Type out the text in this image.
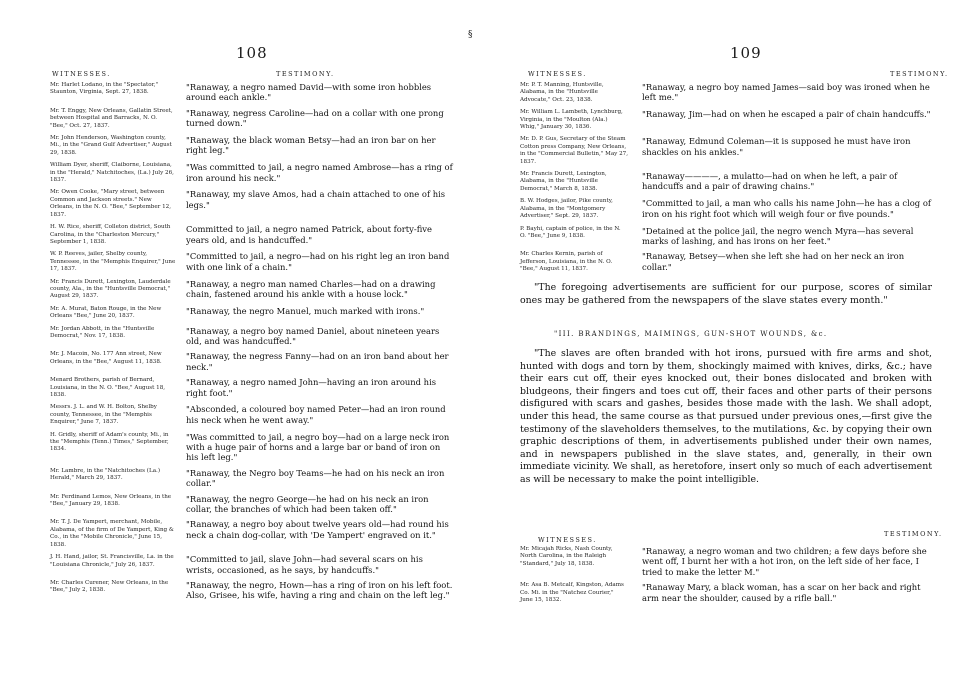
§
108
WITNESSES.	TESTIMONY.
Mr. Harlet Lodano, in the "Spectator," Staunton, Virginia, Sept. 27, 1838.
"Ranaway, a negro named David—with some iron hobbles around each ankle."
Mr. T. Enggy, New Orleans, Gallatin Street, between Hospital and Barracks, N. O. "Bee," Oct. 27, 1837.
"Ranaway, negress Caroline—had on a collar with one prong turned down."
Mr. John Henderson, Washington county, Mi., in the "Grand Gulf Advertiser," August 29, 1838.
"Ranaway, the black woman Betsy—had an iron bar on her right leg."
William Dyer, sheriff, Claiborne, Louisiana, in the "Herald," Natchitoches, (La.) July 26, 1837.
"Was committed to jail, a negro named Ambrose—has a ring of iron around his neck."
Mr. Owen Cooke, "Mary street, between Common and Jackson streets." New Orleans, in the N. O. "Bee," September 12, 1837.
"Ranaway, my slave Amos, had a chain attached to one of his legs."
H. W. Rice, sheriff, Colleton district, South Carolina, in the "Charleston Mercury," September 1, 1838.
Committed to jail, a negro named Patrick, about forty-five years old, and is handcuffed."
W. P. Reeves, jailer, Shelby county, Tennessee, in the "Memphis Enquirer," June 17, 1837.
"Committed to jail, a negro—had on his right leg an iron band with one link of a chain."
Mr. Francis Durett, Lexington, Lauderdale county, Ala., in the "Huntsville Democrat," August 29, 1837.
"Ranaway, a negro man named Charles—had on a drawing chain, fastened around his ankle with a house lock."
Mr. A. Murat, Baton Rouge, in the New Orleans "Bee," June 20, 1837.
"Ranaway, the negro Manuel, much marked with irons."
Mr. Jordan Abbott, in the "Huntsville Democrat," Nov. 17, 1838.
"Ranaway, a negro boy named Daniel, about nineteen years old, and was handcuffed."
Mr. J. Macoin, No. 177 Ann street, New Orleans, in the "Bee," August 11, 1838.
"Ranaway, the negress Fanny—had on an iron band about her neck."
Menard Brothers, parish of Bernard, Louisiana, in the N. O. "Bee," August 18, 1838.
"Ranaway, a negro named John—having an iron around his right foot."
Messrs. J. L. and W. H. Bolton, Shelby county, Tennessee, in the "Memphis Enquirer," June 7, 1837.
"Absconded, a coloured boy named Peter—had an iron round his neck when he went away."
H. Gridly, sheriff of Adam's county, Mi., in the "Memphis (Tenn.) Times," September, 1834.
"Was committed to jail, a negro boy—had on a large neck iron with a huge pair of horns and a large bar or band of iron on his left leg."
Mr. Lambre, in the "Natchitoches (La.) Herald," March 29, 1837.
"Ranaway, the Negro boy Teams—he had on his neck an iron collar."
Mr. Ferdinand Lemos, New Orleans, in the "Bee," January 29, 1838.
"Ranaway, the negro George—he had on his neck an iron collar, the branches of which had been taken off."
Mr. T. J. De Yampert, merchant, Mobile, Alabama, of the firm of De Yampert, King & Co., in the "Mobile Chronicle," June 15, 1838.
"Ranaway, a negro boy about twelve years old—had round his neck a chain dog-collar, with 'De Yampert' engraved on it."
J. H. Hand, jailor, St. Francisville, La. in the "Louisiana Chronicle," July 26, 1837.
"Committed to jail, slave John—had several scars on his wrists, occasioned, as he says, by handcuffs."
Mr. Charles Curener, New Orleans, in the "Bee," July 2, 1838.
"Ranaway, the negro, Hown—has a ring of iron on his left foot. Also, Grisee, his wife, having a ring and chain on the left leg."
109
WITNESSES.	TESTIMONY.
Mr. P. T. Manning, Huntsville, Alabama, in the "Huntsville Advocate," Oct. 23, 1838.
"Ranaway, a negro boy named James—said boy was ironed when he left me."
Mr. William L. Lambeth, Lynchburg, Virginia, in the "Moulton (Ala.) Whig," January 30, 1836.
"Ranaway, Jim—had on when he escaped a pair of chain handcuffs."
Mr. D. P. Gus, Secretary of the Steam Cotton press Company, New Orleans, in the "Commercial Bulletin," May 27, 1837.
"Ranaway, Edmund Coleman—it is supposed he must have iron shackles on his ankles."
Mr. Francis Durett, Lexington, Alabama, in the "Huntsville Democrat," March 8, 1838.
"Ranaway————, a mulatto—had on when he left, a pair of handcuffs and a pair of drawing chains."
B. W. Hodges, jailor, Pike county, Alabama, in the "Montgomery Advertiser," Sept. 29, 1837.
"Committed to jail, a man who calls his name John—he has a clog of iron on his right foot which will weigh four or five pounds."
P. Bayhi, captain of police, in the N. O. "Bee," June 9, 1838.
"Detained at the police jail, the negro wench Myra—has several marks of lashing, and has irons on her feet."
Mr. Charles Kernin, parish of Jefferson, Louisiana, in the N. O. "Bee," August 11, 1837.
"Ranaway, Betsey—when she left she had on her neck an iron collar."
"The foregoing advertisements are sufficient for our purpose, scores of similar ones may be gathered from the newspapers of the slave states every month."
"III. BRANDINGS, MAIMINGS, GUN-SHOT WOUNDS, &c.
"The slaves are often branded with hot irons, pursued with fire arms and shot, hunted with dogs and torn by them, shockingly maimed with knives, dirks, &c.; have their ears cut off, their eyes knocked out, their bones dislocated and broken with bludgeons, their fingers and toes cut off, their faces and other parts of their persons disfigured with scars and gashes, besides those made with the lash. We shall adopt, under this head, the same course as that pursued under previous ones,—first give the testimony of the slaveholders themselves, to the mutilations, &c. by copying their own graphic descriptions of them, in advertisements published under their own names, and in newspapers published in the slave states, and, generally, in their own immediate vicinity. We shall, as heretofore, insert only so much of each advertisement as will be necessary to make the point intelligible.
WITNESSES.
TESTIMONY.
Mr. Micajah Ricks, Nash County, North Carolina, in the Raleigh "Standard," July 18, 1838.
"Ranaway, a negro woman and two children; a few days before she went off, I burnt her with a hot iron, on the left side of her face, I tried to make the letter M."
Mr. Asa B. Metcalf, Kingston, Adams Co. Mi. in the "Natchez Courier," June 15, 1832.
"Ranaway Mary, a black woman, has a scar on her back and right arm near the shoulder, caused by a rifle ball."
